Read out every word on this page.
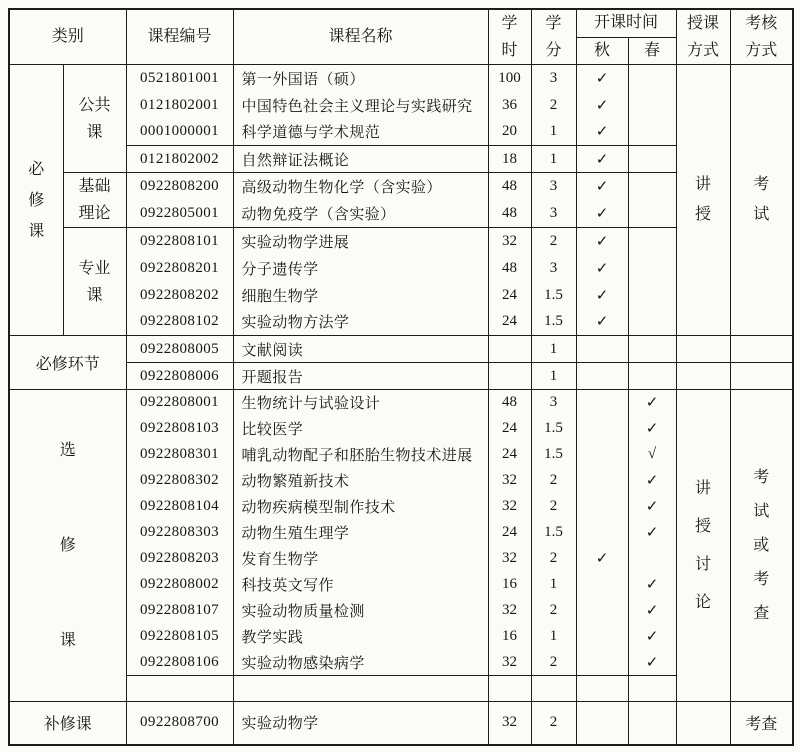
类别		课程编号	课程名称	学时	学分	开课时间		授课方式	考核方式
						秋	春		
必修课	公共课	0521801001	第一外国语（硕）	100	3	✓		讲授	考试
		0121802001	中国特色社会主义理论与实践研究	36	2	✓			
		0001000001	科学道德与学术规范	20	1	✓			
		0121802002	自然辩证法概论	18	1	✓			
	基础理论	0922808200	高级动物生物化学（含实验）	48	3	✓			
		0922805001	动物免疫学（含实验）	48	3	✓			
	专业课	0922808101	实验动物学进展	32	2	✓			
		0922808201	分子遗传学	48	3	✓			
		0922808202	细胞生物学	24	1.5	✓			
		0922808102	实验动物方法学	24	1.5	✓			
必修环节		0922808005	文献阅读		1				
		0922808006	开题报告		1				
选修课		0922808001	生物统计与试验设计	48	3		✓	讲授讨论	考试或考查
		0922808103	比较医学	24	1.5		✓		
		0922808301	哺乳动物配子和胚胎生物技术进展	24	1.5		√		
		0922808302	动物繁殖新技术	32	2		✓		
		0922808104	动物疾病模型制作技术	32	2		✓		
		0922808303	动物生殖生理学	24	1.5		✓		
		0922808203	发育生物学	32	2	✓			
		0922808002	科技英文写作	16	1		✓		
		0922808107	实验动物质量检测	32	2		✓		
		0922808105	教学实践	16	1		✓		
		0922808106	实验动物感染病学	32	2		✓		

补修课		0922808700	实验动物学	32	2				考查
